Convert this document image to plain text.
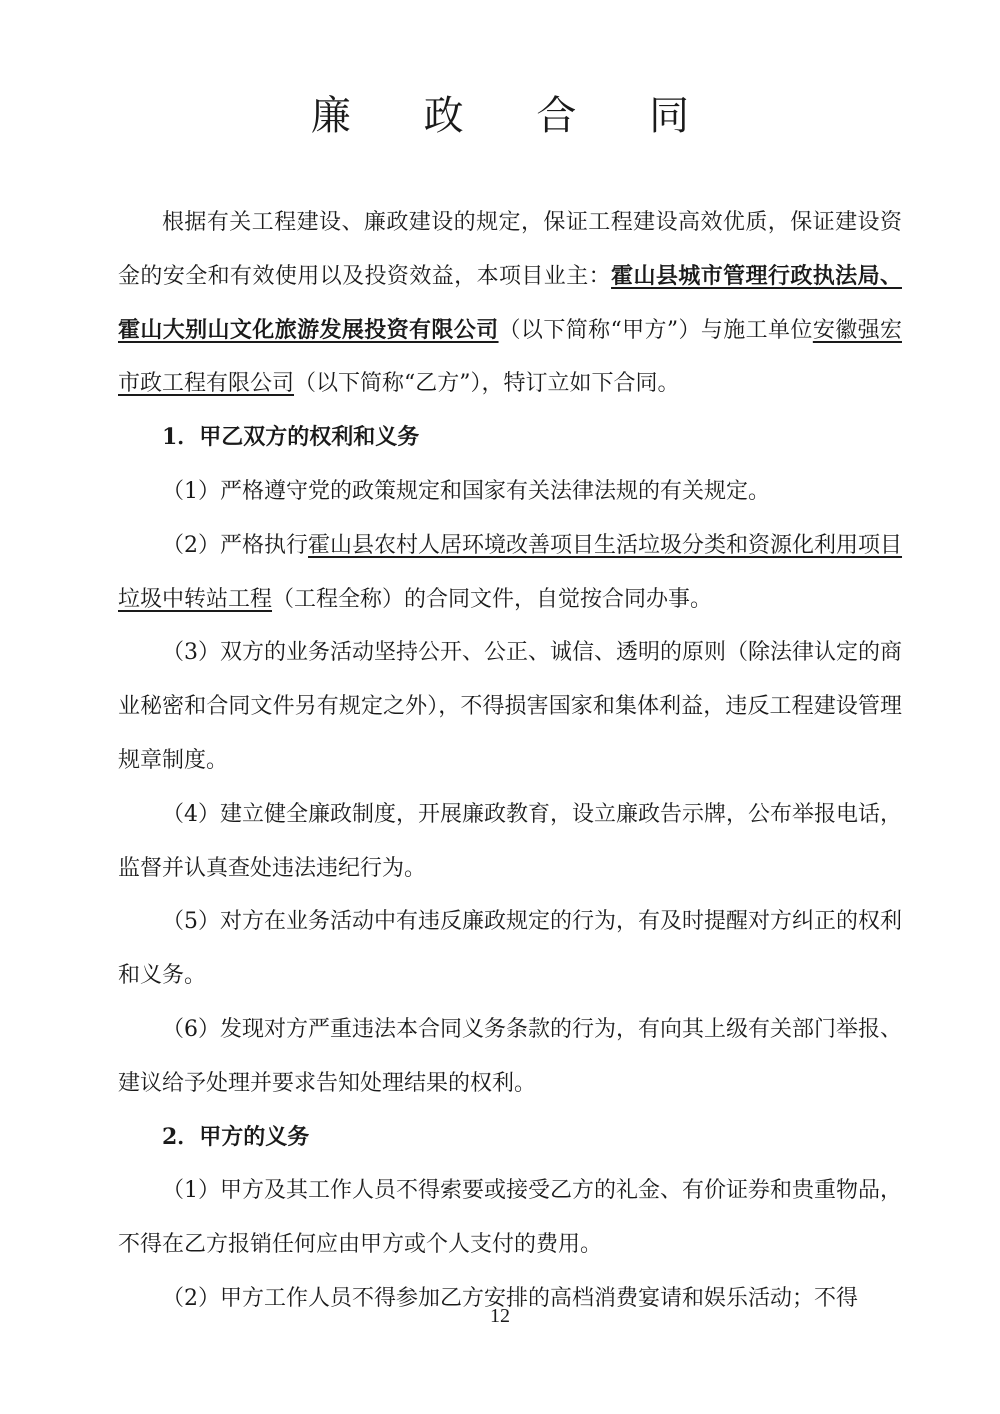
廉 政 合 同

根据有关工程建设、廉政建设的规定，保证工程建设高效优质，保证建设资金的安全和有效使用以及投资效益，本项目业主：霍山县城市管理行政执法局、霍山大别山文化旅游发展投资有限公司（以下简称“甲方”）与施工单位安徽强宏市政工程有限公司（以下简称“乙方”），特订立如下合同。

1．甲乙双方的权利和义务

（1）严格遵守党的政策规定和国家有关法律法规的有关规定。

（2）严格执行霍山县农村人居环境改善项目生活垃圾分类和资源化利用项目垃圾中转站工程（工程全称）的合同文件，自觉按合同办事。

（3）双方的业务活动坚持公开、公正、诚信、透明的原则（除法律认定的商业秘密和合同文件另有规定之外），不得损害国家和集体利益，违反工程建设管理规章制度。

（4）建立健全廉政制度，开展廉政教育，设立廉政告示牌，公布举报电话，监督并认真查处违法违纪行为。

（5）对方在业务活动中有违反廉政规定的行为，有及时提醒对方纠正的权利和义务。

（6）发现对方严重违法本合同义务条款的行为，有向其上级有关部门举报、建议给予处理并要求告知处理结果的权利。

2．甲方的义务

（1）甲方及其工作人员不得索要或接受乙方的礼金、有价证券和贵重物品，不得在乙方报销任何应由甲方或个人支付的费用。

（2）甲方工作人员不得参加乙方安排的高档消费宴请和娱乐活动；不得

12
